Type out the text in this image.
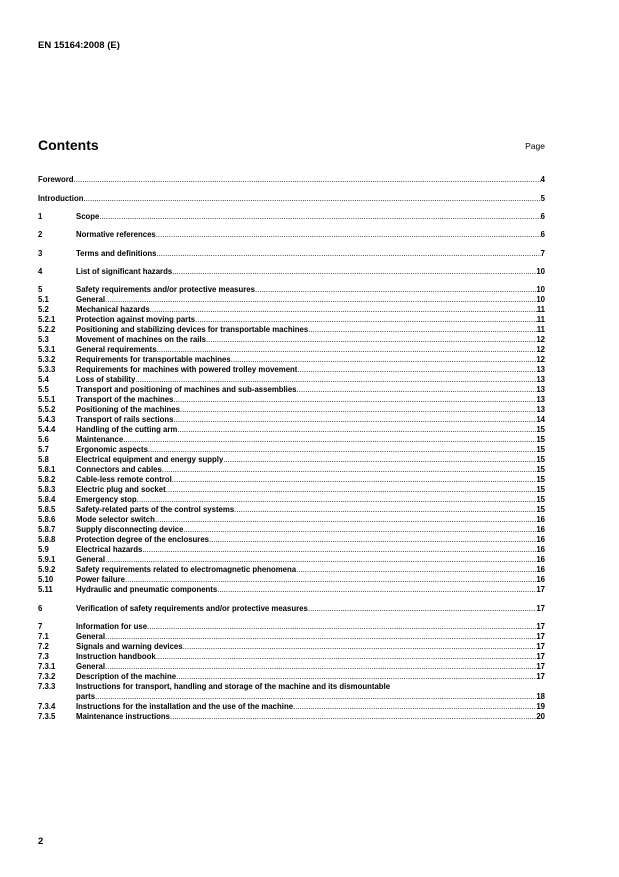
EN 15164:2008 (E)
Contents	Page
Foreword .....	4
Introduction .....	5
1	Scope .....	6
2	Normative references .....	6
3	Terms and definitions .....	7
4	List of significant hazards .....	10
5	Safety requirements and/or protective measures .....	10
5.1	General .....	10
5.2	Mechanical hazards .....	11
5.2.1	Protection against moving parts .....	11
5.2.2	Positioning and stabilizing devices for transportable machines .....	11
5.3	Movement of machines on the rails .....	12
5.3.1	General requirements .....	12
5.3.2	Requirements for transportable machines .....	12
5.3.3	Requirements for machines with powered trolley movement .....	13
5.4	Loss of stability .....	13
5.5	Transport and positioning of machines and sub-assemblies .....	13
5.5.1	Transport of the machines .....	13
5.5.2	Positioning of the machines .....	13
5.4.3	Transport of rails sections .....	14
5.4.4	Handling of the cutting arm .....	15
5.6	Maintenance .....	15
5.7	Ergonomic aspects .....	15
5.8	Electrical equipment and energy supply .....	15
5.8.1	Connectors and cables .....	15
5.8.2	Cable-less remote control .....	15
5.8.3	Electric plug and socket .....	15
5.8.4	Emergency stop .....	15
5.8.5	Safety-related parts of the control systems .....	15
5.8.6	Mode selector switch .....	16
5.8.7	Supply disconnecting device .....	16
5.8.8	Protection degree of the enclosures .....	16
5.9	Electrical hazards .....	16
5.9.1	General .....	16
5.9.2	Safety requirements related to electromagnetic phenomena .....	16
5.10	Power failure .....	16
5.11	Hydraulic and pneumatic components .....	17
6	Verification of safety requirements and/or protective measures .....	17
7	Information for use .....	17
7.1	General .....	17
7.2	Signals and warning devices .....	17
7.3	Instruction handbook .....	17
7.3.1	General .....	17
7.3.2	Description of the machine .....	17
7.3.3	Instructions for transport, handling and storage of the machine and its dismountable
parts .....	18
7.3.4	Instructions for the installation and the use of the machine .....	19
7.3.5	Maintenance instructions .....	20
2
